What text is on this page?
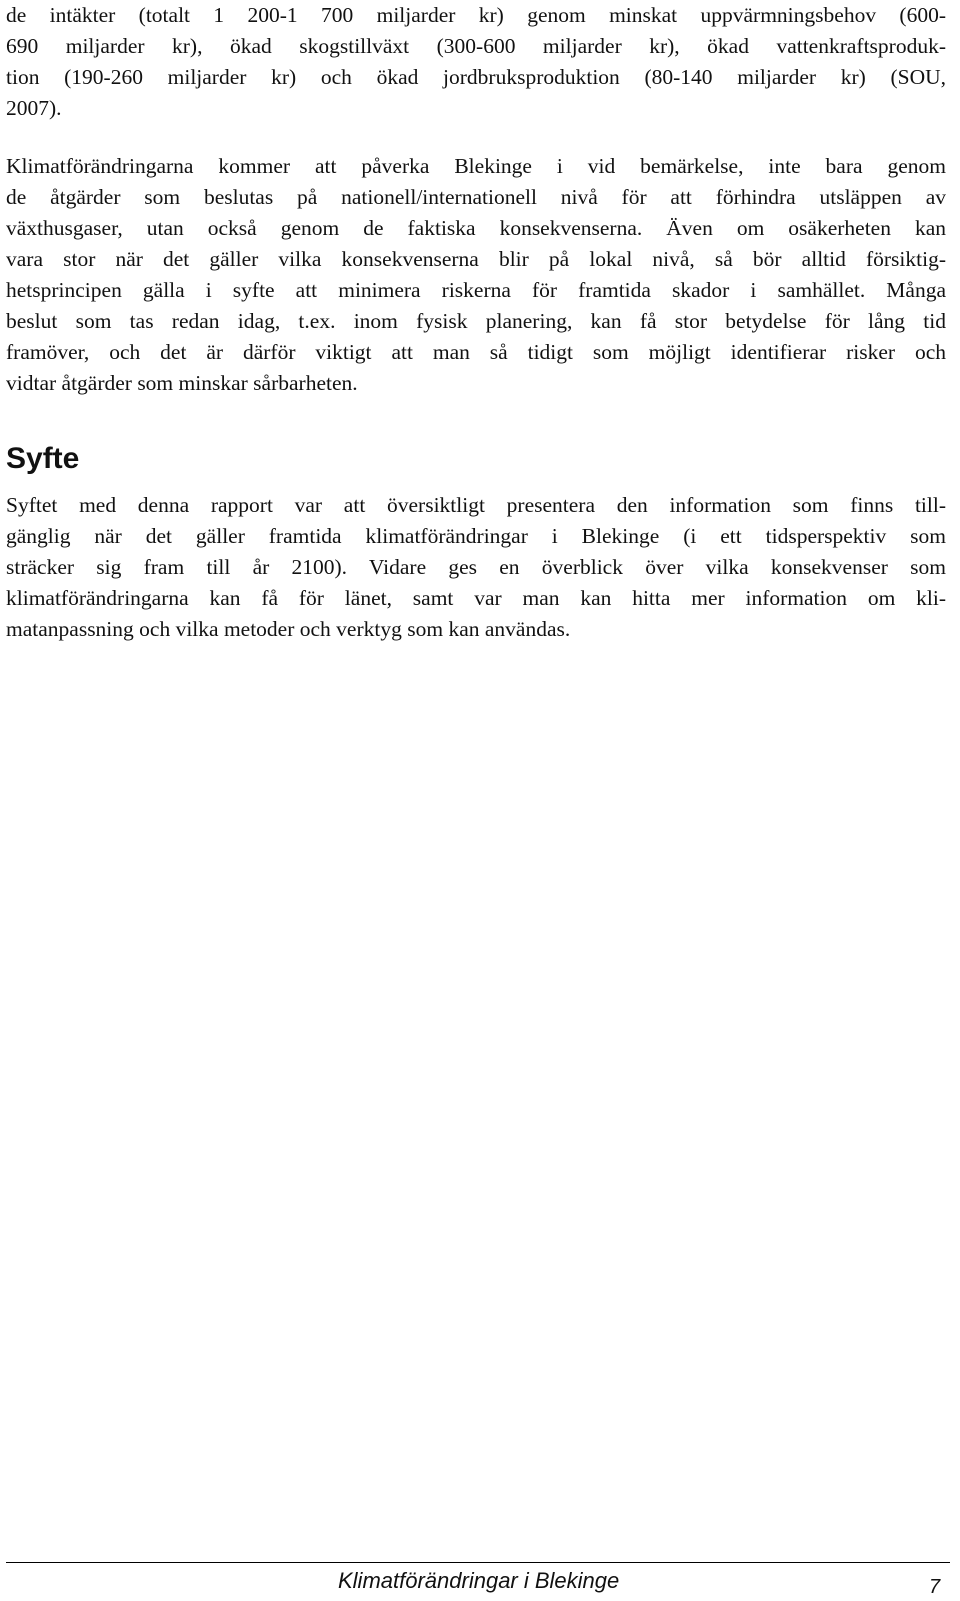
de intäkter (totalt 1 200-1 700 miljarder kr) genom minskat uppvärmningsbehov (600-
690 miljarder kr), ökad skogstillväxt (300-600 miljarder kr), ökad vattenkraftsproduk-
tion (190-260 miljarder kr) och ökad jordbruksproduktion (80-140 miljarder kr) (SOU,
2007).
Klimatförändringarna kommer att påverka Blekinge i vid bemärkelse, inte bara genom
de åtgärder som beslutas på nationell/internationell nivå för att förhindra utsläppen av
växthusgaser, utan också genom de faktiska konsekvenserna. Även om osäkerheten kan
vara stor när det gäller vilka konsekvenserna blir på lokal nivå, så bör alltid försiktig-
hetsprincipen gälla i syfte att minimera riskerna för framtida skador i samhället. Många
beslut som tas redan idag, t.ex. inom fysisk planering, kan få stor betydelse för lång tid
framöver, och det är därför viktigt att man så tidigt som möjligt identifierar risker och
vidtar åtgärder som minskar sårbarheten.
Syfte
Syftet med denna rapport var att översiktligt presentera den information som finns till-
gänglig när det gäller framtida klimatförändringar i Blekinge (i ett tidsperspektiv som
sträcker sig fram till år 2100). Vidare ges en överblick över vilka konsekvenser som
klimatförändringarna kan få för länet, samt var man kan hitta mer information om kli-
matanpassning och vilka metoder och verktyg som kan användas.
Klimatförändringar i Blekinge	7
